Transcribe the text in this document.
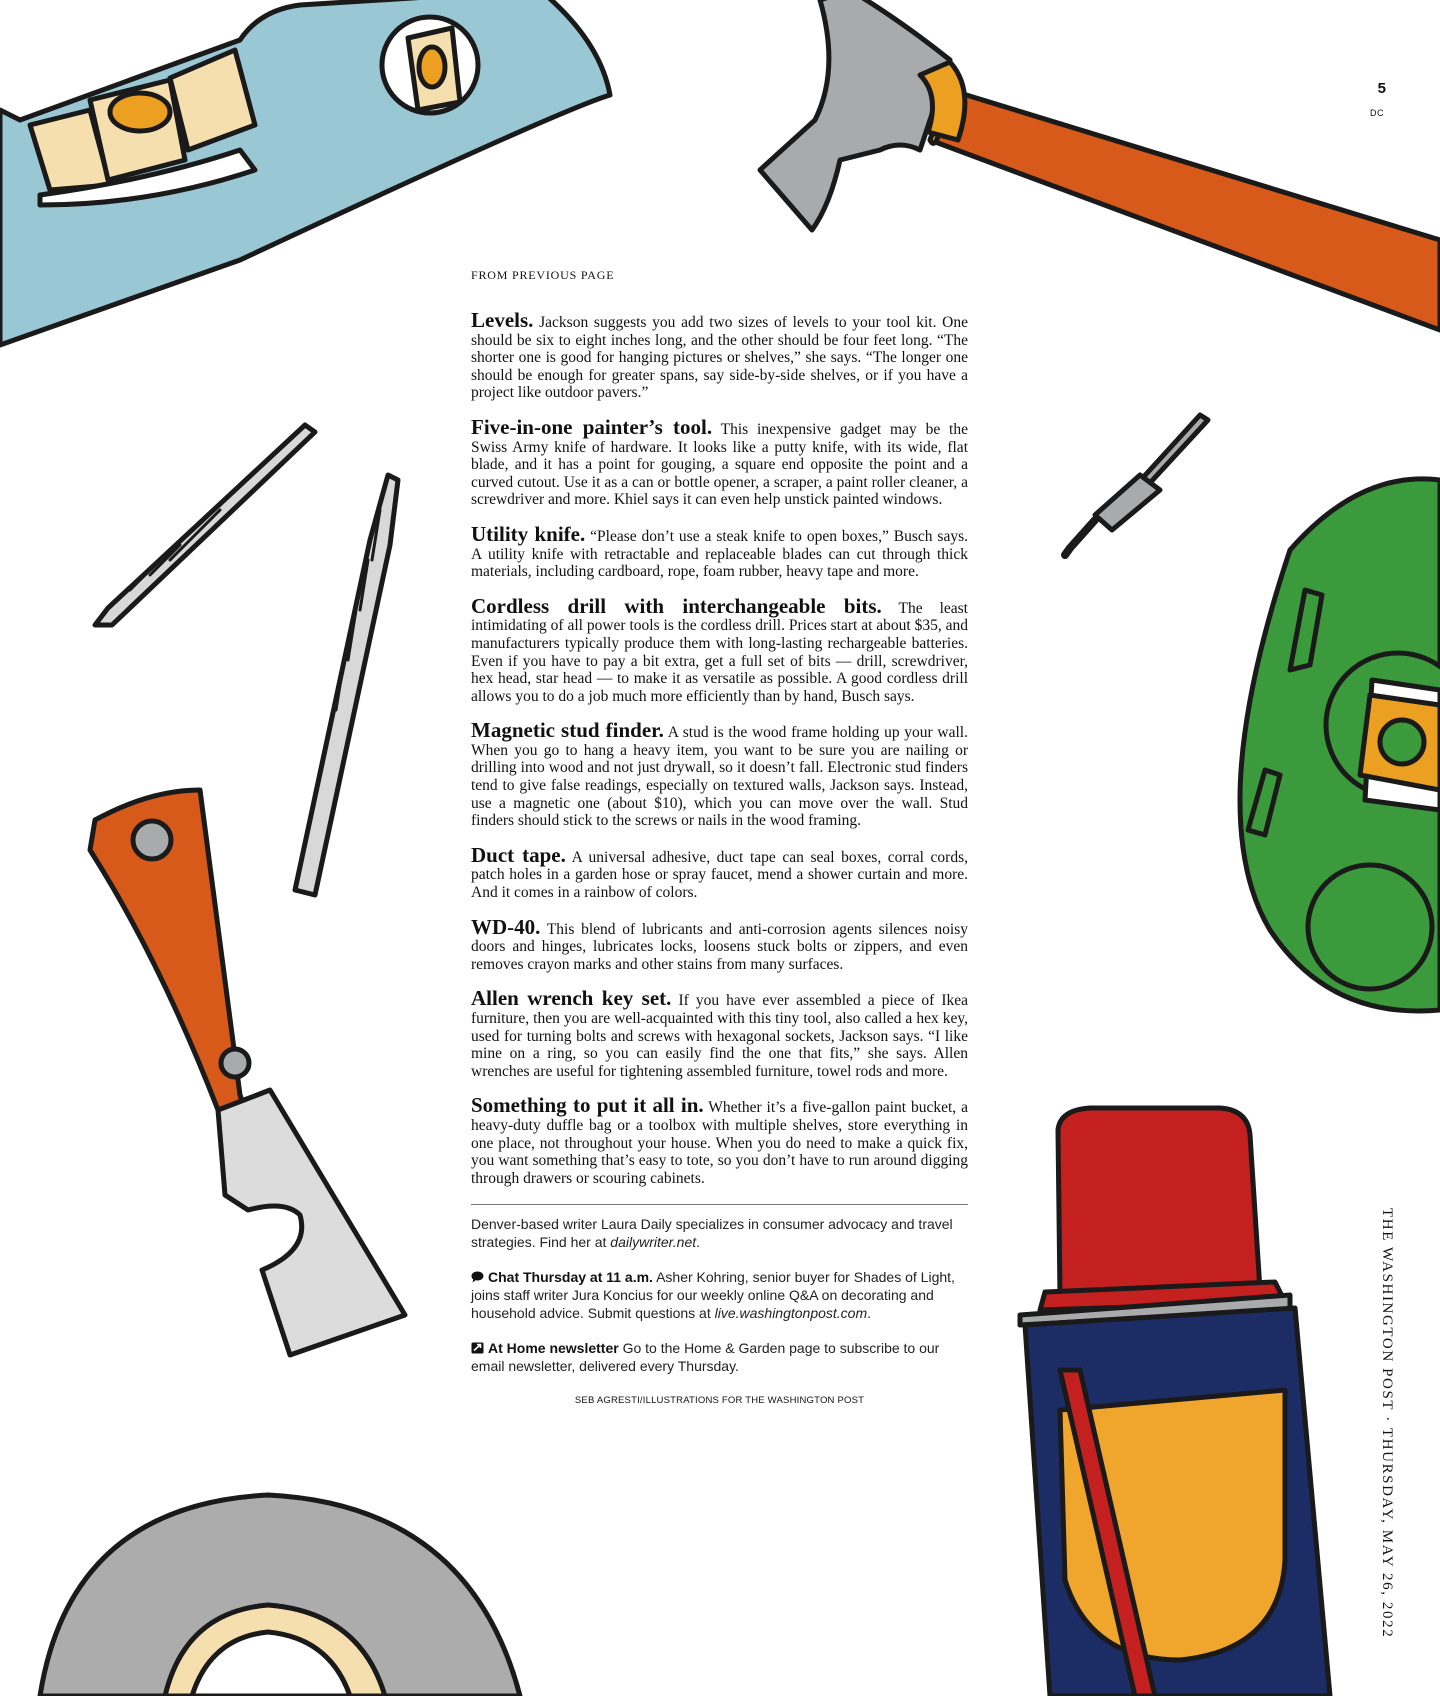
5
DC
FROM PREVIOUS PAGE

Levels. Jackson suggests you add two sizes of levels to your tool kit. One should be six to eight inches long, and the other should be four feet long. “The shorter one is good for hanging pictures or shelves,” she says. “The longer one should be enough for greater spans, say side-by-side shelves, or if you have a project like outdoor pavers.”

Five-in-one painter’s tool. This inexpensive gadget may be the Swiss Army knife of hardware. It looks like a putty knife, with its wide, flat blade, and it has a point for gouging, a square end opposite the point and a curved cutout. Use it as a can or bottle opener, a scraper, a paint roller cleaner, a screwdriver and more. Khiel says it can even help unstick painted windows.

Utility knife. “Please don’t use a steak knife to open boxes,” Busch says. A utility knife with retractable and replaceable blades can cut through thick materials, including cardboard, rope, foam rubber, heavy tape and more.

Cordless drill with interchangeable bits. The least intimidating of all power tools is the cordless drill. Prices start at about $35, and manufacturers typically produce them with long-lasting rechargeable batteries. Even if you have to pay a bit extra, get a full set of bits — drill, screwdriver, hex head, star head — to make it as versatile as possible. A good cordless drill allows you to do a job much more efficiently than by hand, Busch says.

Magnetic stud finder. A stud is the wood frame holding up your wall. When you go to hang a heavy item, you want to be sure you are nailing or drilling into wood and not just drywall, so it doesn’t fall. Electronic stud finders tend to give false readings, especially on textured walls, Jackson says. Instead, use a magnetic one (about $10), which you can move over the wall. Stud finders should stick to the screws or nails in the wood framing.

Duct tape. A universal adhesive, duct tape can seal boxes, corral cords, patch holes in a garden hose or spray faucet, mend a shower curtain and more. And it comes in a rainbow of colors.

WD-40. This blend of lubricants and anti-corrosion agents silences noisy doors and hinges, lubricates locks, loosens stuck bolts or zippers, and even removes crayon marks and other stains from many surfaces.

Allen wrench key set. If you have ever assembled a piece of Ikea furniture, then you are well-acquainted with this tiny tool, also called a hex key, used for turning bolts and screws with hexagonal sockets, Jackson says. “I like mine on a ring, so you can easily find the one that fits,” she says. Allen wrenches are useful for tightening assembled furniture, towel rods and more.

Something to put it all in. Whether it’s a five-gallon paint bucket, a heavy-duty duffle bag or a toolbox with multiple shelves, store everything in one place, not throughout your house. When you do need to make a quick fix, you want something that’s easy to tote, so you don’t have to run around digging through drawers or scouring cabinets.

Denver-based writer Laura Daily specializes in consumer advocacy and travel strategies. Find her at dailywriter.net.

Chat Thursday at 11 a.m. Asher Kohring, senior buyer for Shades of Light, joins staff writer Jura Koncius for our weekly online Q&A on decorating and household advice. Submit questions at live.washingtonpost.com.

At Home newsletter Go to the Home & Garden page to subscribe to our email newsletter, delivered every Thursday.

SEB AGRESTI/ILLUSTRATIONS FOR THE WASHINGTON POST	THE WASHINGTON POST · THURSDAY, MAY 26, 2022
